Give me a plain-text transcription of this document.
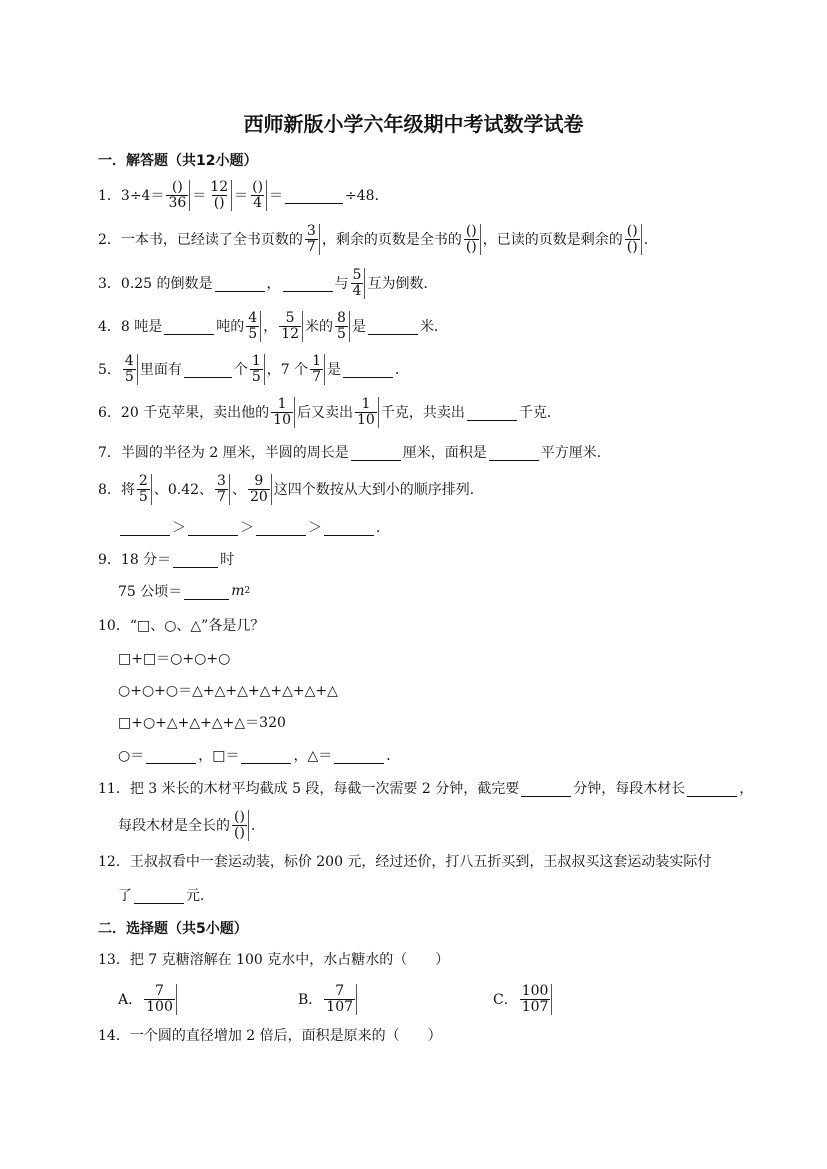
西师新版小学六年级期中考试数学试卷
一．解答题（共12小题）
1．$3\div 4= \frac{()}{36} = \frac{12}{()} = \frac{()}{4}$ ＝	÷48．
2．一本书，已经读了全书页数的 $\frac{3}{7}$ ，剩余的页数是全书的 $\frac{()}{()}$ ，已读的页数是剩余的 $\frac{()}{()}$ ．
3．0.25 的倒数是	，	与 $\frac{5}{4}$ 互为倒数．
4．8 吨是	吨的 $\frac{4}{5}$ ， $\frac{5}{12}$ 米的 $\frac{8}{5}$ 是	米．
5． $\frac{4}{5}$ 里面有	个 $\frac{1}{5}$ ，7 个 $\frac{1}{7}$ 是	．
6．20 千克苹果，卖出他的 $\frac{1}{10}$ 后又卖出 $\frac{1}{10}$ 千克，共卖出	千克．
7．半圆的半径为 2 厘米，半圆的周长是	厘米，面积是	平方厘米．
8．将 $\frac{2}{5}$ 、0.42、 $\frac{3}{7}$ 、 $\frac{9}{20}$ 这四个数按从大到小的顺序排列．
＞	＞	＞	．
9．18 分＝	时
75 公顷＝	m 2
10．“□、○、△”各是几？
□+□＝○+○+○
○+○+○＝△+△+△+△+△+△+△
□+○+△+△+△+△＝320
○＝	，□＝	，△＝	．
11．把 3 米长的木材平均截成 5 段，每截一次需要 2 分钟，截完要	分钟，每段木材长	，
每段木材是全长的 $\frac{()}{()}$ ．
12．王叔叔看中一套运动装，标价 200 元，经过还价，打八五折买到，王叔叔买这套运动装实际付
了	元．
二．选择题（共5小题）
13．把 7 克糖溶解在 100 克水中，水占糖水的（　　）
A． $\frac{7}{100}$	B． $\frac{7}{107}$	C． $\frac{100}{107}$
14．一个圆的直径增加 2 倍后，面积是原来的（　　）
